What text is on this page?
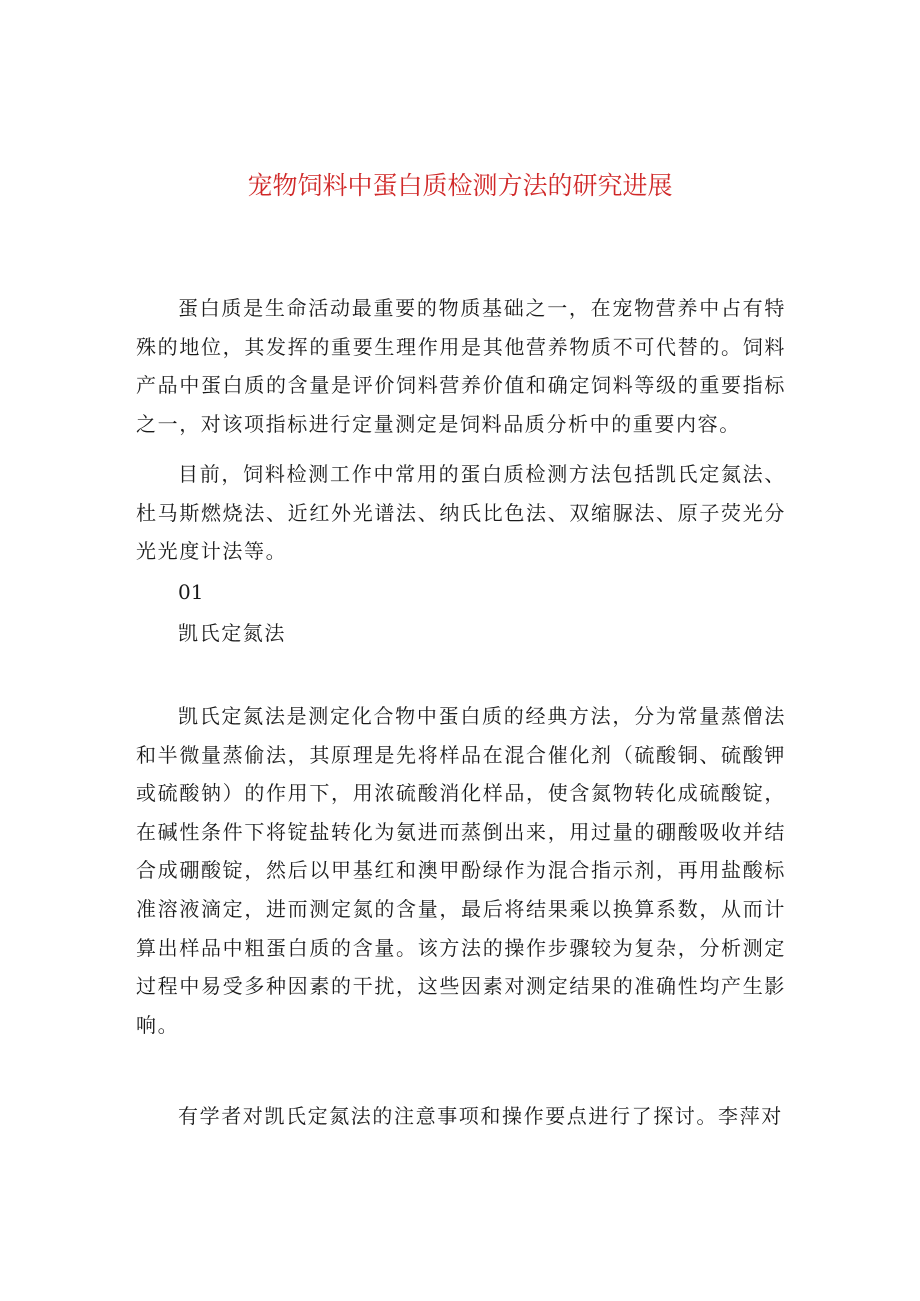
宠物饲料中蛋白质检测方法的研究进展

蛋白质是生命活动最重要的物质基础之一，在宠物营养中占有特殊的地位，其发挥的重要生理作用是其他营养物质不可代替的。饲料产品中蛋白质的含量是评价饲料营养价值和确定饲料等级的重要指标之一，对该项指标进行定量测定是饲料品质分析中的重要内容。

目前，饲料检测工作中常用的蛋白质检测方法包括凯氏定氮法、杜马斯燃烧法、近红外光谱法、纳氏比色法、双缩脲法、原子荧光分光光度计法等。

01

凯氏定氮法

凯氏定氮法是测定化合物中蛋白质的经典方法，分为常量蒸僧法和半微量蒸偷法，其原理是先将样品在混合催化剂（硫酸铜、硫酸钾或硫酸钠）的作用下，用浓硫酸消化样品，使含氮物转化成硫酸锭，在碱性条件下将锭盐转化为氨进而蒸倒出来，用过量的硼酸吸收并结合成硼酸锭，然后以甲基红和澳甲酚绿作为混合指示剂，再用盐酸标准溶液滴定，进而测定氮的含量，最后将结果乘以换算系数，从而计算出样品中粗蛋白质的含量。该方法的操作步骤较为复杂，分析测定过程中易受多种因素的干扰，这些因素对测定结果的准确性均产生影响。

有学者对凯氏定氮法的注意事项和操作要点进行了探讨。李萍对
